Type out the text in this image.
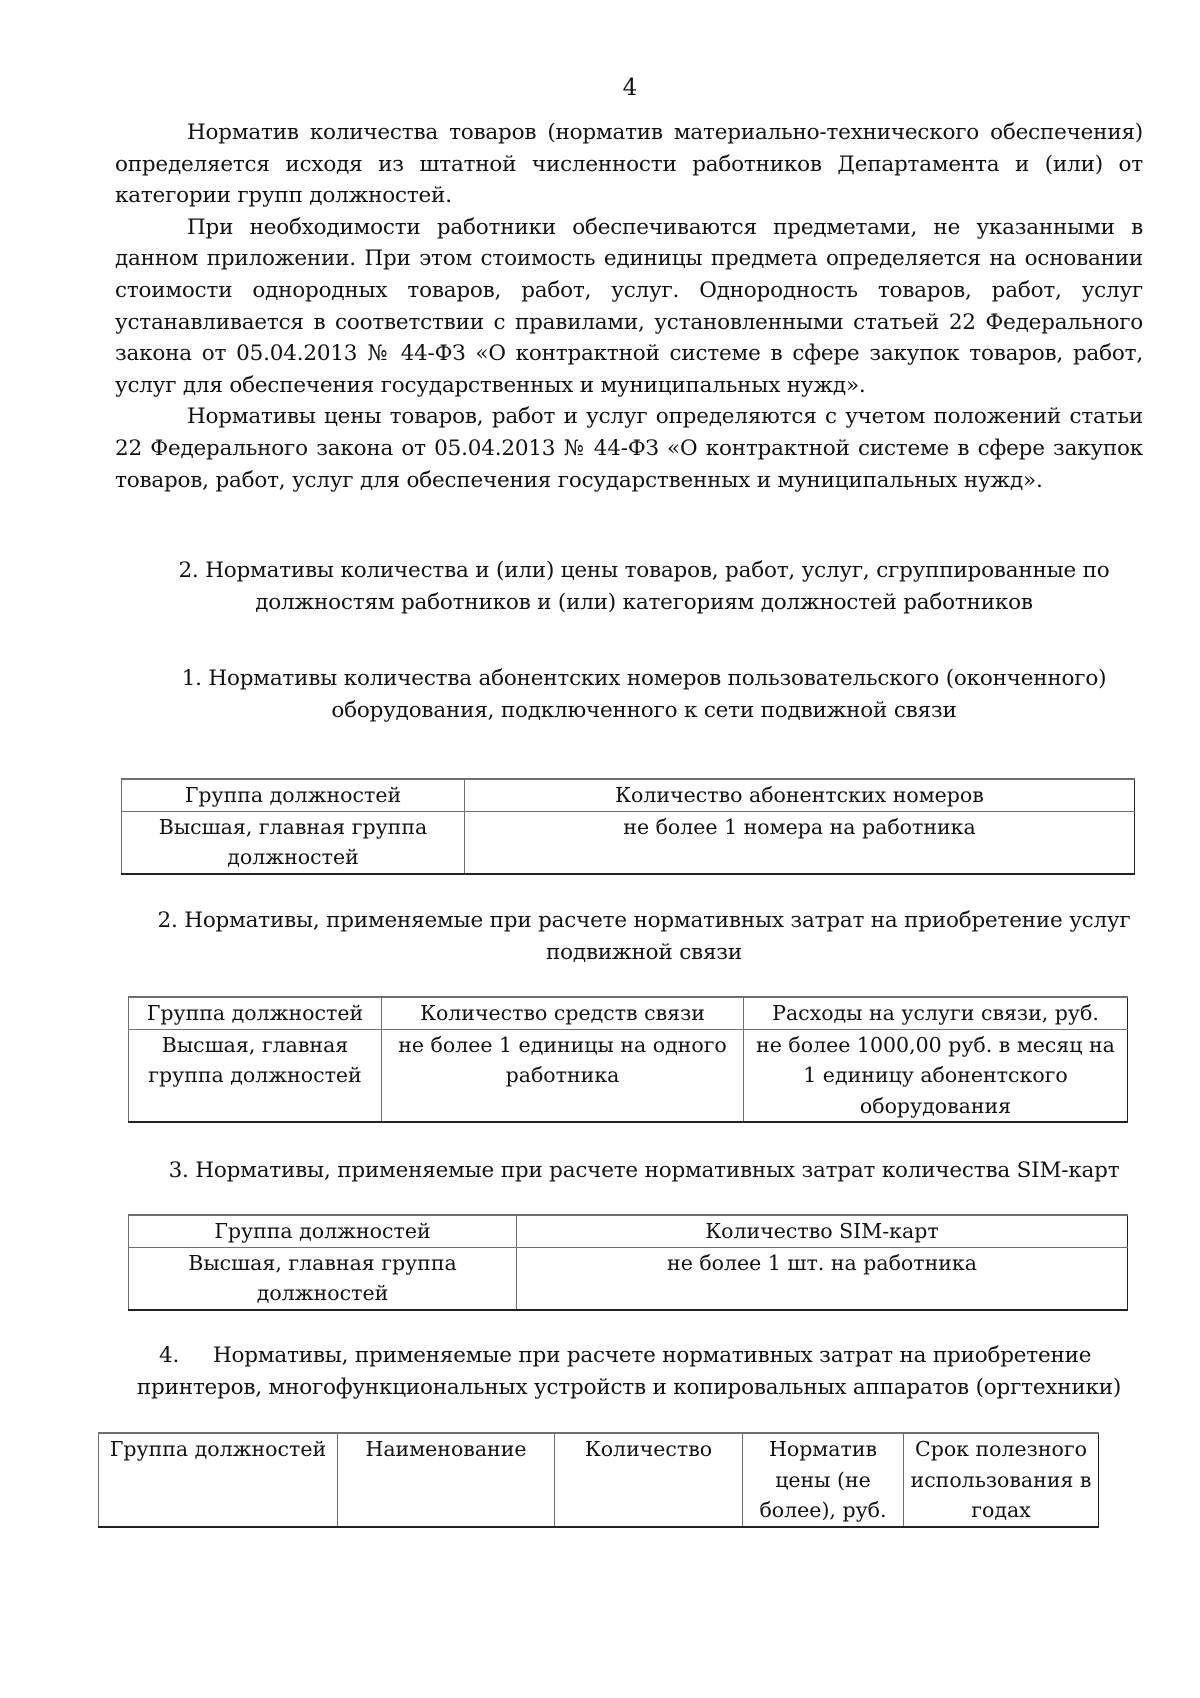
4

Норматив количества товаров (норматив материально-технического обеспечения) определяется исходя из штатной численности работников Департамента и (или) от категории групп должностей.

При необходимости работники обеспечиваются предметами, не указанными в данном приложении. При этом стоимость единицы предмета определяется на основании стоимости однородных товаров, работ, услуг. Однородность товаров, работ, услуг устанавливается в соответствии с правилами, установленными статьей 22 Федерального закона от 05.04.2013 № 44-ФЗ «О контрактной системе в сфере закупок товаров, работ, услуг для обеспечения государственных и муниципальных нужд».

Нормативы цены товаров, работ и услуг определяются с учетом положений статьи 22 Федерального закона от 05.04.2013 № 44-ФЗ «О контрактной системе в сфере закупок товаров, работ, услуг для обеспечения государственных и муниципальных нужд».

2. Нормативы количества и (или) цены товаров, работ, услуг, сгруппированные по
должностям работников и (или) категориям должностей работников
1. Нормативы количества абонентских номеров пользовательского (оконченного)
оборудования, подключенного к сети подвижной связи
Группа должностей	Количество абонентских номеров
Высшая, главная группа должностей	не более 1 номера на работника
2. Нормативы, применяемые при расчете нормативных затрат на приобретение услуг
подвижной связи
Группа должностей	Количество средств связи	Расходы на услуги связи, руб.
Высшая, главная группа должностей	не более 1 единицы на одного работника	не более 1000,00 руб. в месяц на 1 единицу абонентского оборудования
3. Нормативы, применяемые при расчете нормативных затрат количества SIM-карт
Группа должностей	Количество SIM-карт
Высшая, главная группа должностей	не более 1 шт. на работника
4. Нормативы, применяемые при расчете нормативных затрат на приобретение
принтеров, многофункциональных устройств и копировальных аппаратов (оргтехники)
Группа должностей	Наименование	Количество	Норматив цены (не более), руб.	Срок полезного использования в годах
